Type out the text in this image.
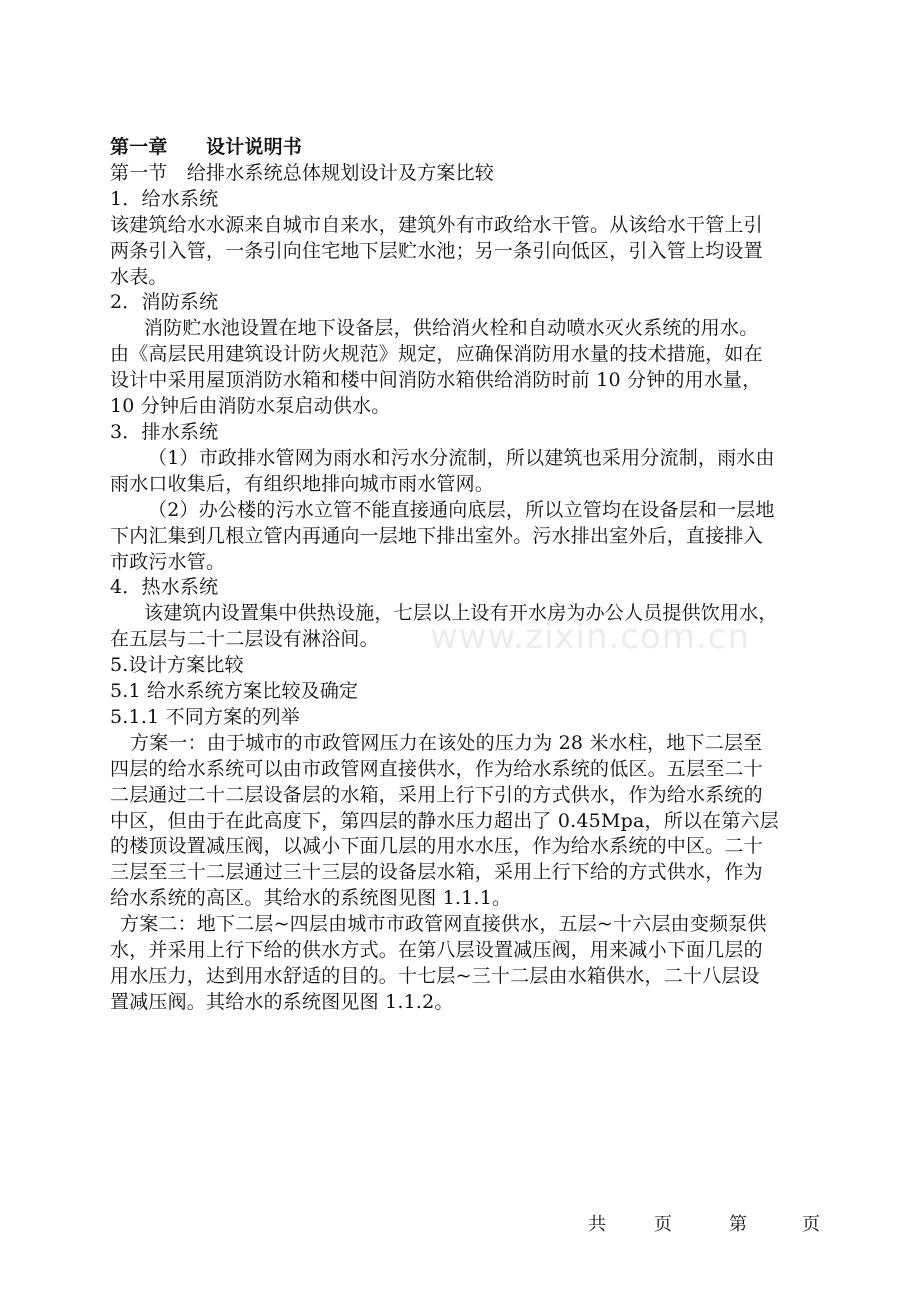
第一章　　设计说明书

第一节　给排水系统总体规划设计及方案比较

1．给水系统

该建筑给水水源来自城市自来水，建筑外有市政给水干管。从该给水干管上引

两条引入管，一条引向住宅地下层贮水池；另一条引向低区，引入管上均设置

水表。

2．消防系统

消防贮水池设置在地下设备层，供给消火栓和自动喷水灭火系统的用水。

由《高层民用建筑设计防火规范》规定，应确保消防用水量的技术措施，如在

设计中采用屋顶消防水箱和楼中间消防水箱供给消防时前 10 分钟的用水量，

10 分钟后由消防水泵启动供水。

3．排水系统

（1）市政排水管网为雨水和污水分流制，所以建筑也采用分流制，雨水由

雨水口收集后，有组织地排向城市雨水管网。

（2）办公楼的污水立管不能直接通向底层，所以立管均在设备层和一层地

下内汇集到几根立管内再通向一层地下排出室外。污水排出室外后，直接排入

市政污水管。

4．热水系统

该建筑内设置集中供热设施，七层以上设有开水房为办公人员提供饮用水，

在五层与二十二层设有淋浴间。

5.设计方案比较

5.1 给水系统方案比较及确定

5.1.1 不同方案的列举

方案一：由于城市的市政管网压力在该处的压力为 28 米水柱，地下二层至

四层的给水系统可以由市政管网直接供水，作为给水系统的低区。五层至二十

二层通过二十二层设备层的水箱，采用上行下引的方式供水，作为给水系统的

中区，但由于在此高度下，第四层的静水压力超出了 0.45Mpa，所以在第六层

的楼顶设置减压阀，以减小下面几层的用水水压，作为给水系统的中区。二十

三层至三十二层通过三十三层的设备层水箱，采用上行下给的方式供水，作为

给水系统的高区。其给水的系统图见图 1.1.1。

方案二：地下二层~四层由城市市政管网直接供水，五层~十六层由变频泵供

水，并采用上行下给的供水方式。在第八层设置减压阀，用来减小下面几层的

用水压力，达到用水舒适的目的。十七层~三十二层由水箱供水，二十八层设

置减压阀。其给水的系统图见图 1.1.2。

www.zixin.com.cn
共	页	第	页
